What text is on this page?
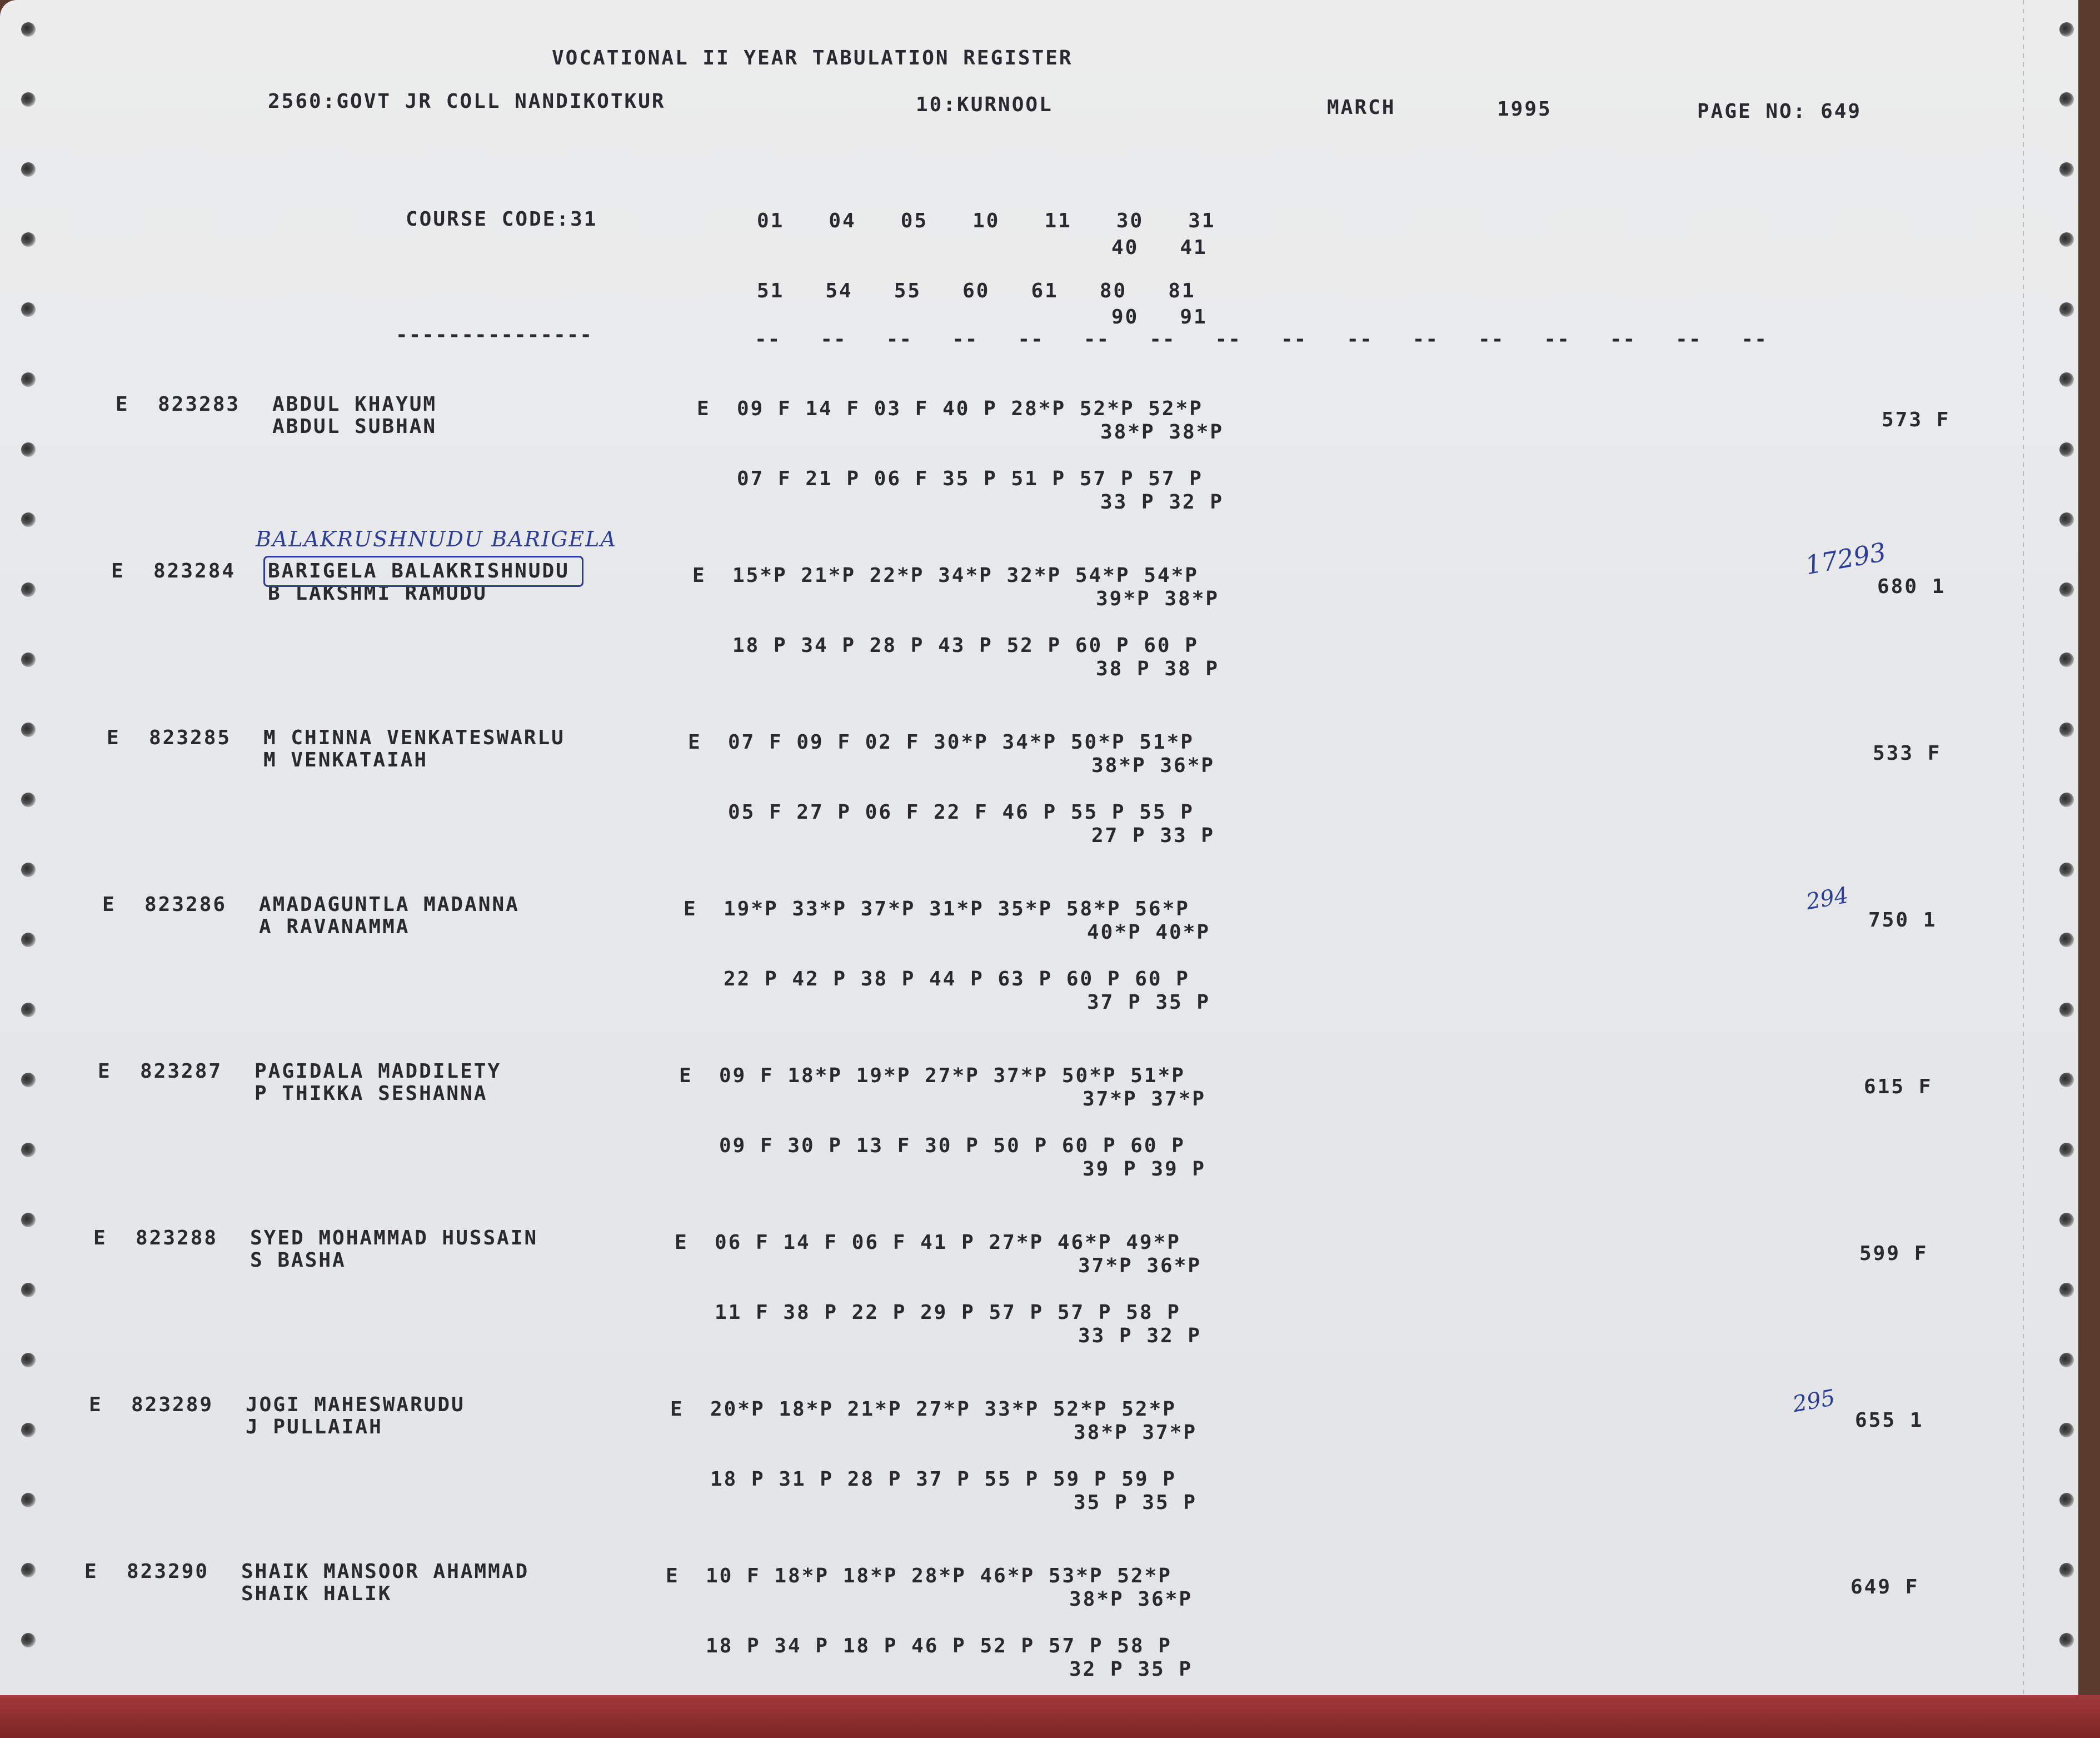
VOCATIONAL II YEAR TABULATION REGISTER
2560:GOVT JR COLL NANDIKOTKUR	10:KURNOOL	MARCH	1995	PAGE NO: 649
COURSE CODE:31	01   04   05   10   11   30   31
40   41
51   54   55   60   61   80   81
90   91
---------------	--   --   --   --   --   --   --   --   --   --   --   --   --   --   --   --
E 823283 ABDUL KHAYUM
ABDUL SUBHAN
E 09 F 14 F 03 F 40 P 28*P 52*P 52*P
38*P 38*P
07 F 21 P 06 F 35 P 51 P 57 P 57 P
33 P 32 P
573 F
E 823284 BARIGELA BALAKRISHNUDU
B LAKSHMI RAMUDU
E 15*P 21*P 22*P 34*P 32*P 54*P 54*P
39*P 38*P
18 P 34 P 28 P 43 P 52 P 60 P 60 P
38 P 38 P
680 1
E 823285 M CHINNA VENKATESWARLU
M VENKATAIAH
E 07 F 09 F 02 F 30*P 34*P 50*P 51*P
38*P 36*P
05 F 27 P 06 F 22 F 46 P 55 P 55 P
27 P 33 P
533 F
E 823286 AMADAGUNTLA MADANNA
A RAVANAMMA
E 19*P 33*P 37*P 31*P 35*P 58*P 56*P
40*P 40*P
22 P 42 P 38 P 44 P 63 P 60 P 60 P
37 P 35 P
750 1
E 823287 PAGIDALA MADDILETY
P THIKKA SESHANNA
E 09 F 18*P 19*P 27*P 37*P 50*P 51*P
37*P 37*P
09 F 30 P 13 F 30 P 50 P 60 P 60 P
39 P 39 P
615 F
E 823288 SYED MOHAMMAD HUSSAIN
S BASHA
E 06 F 14 F 06 F 41 P 27*P 46*P 49*P
37*P 36*P
11 F 38 P 22 P 29 P 57 P 57 P 58 P
33 P 32 P
599 F
E 823289 JOGI MAHESWARUDU
J PULLAIAH
E 20*P 18*P 21*P 27*P 33*P 52*P 52*P
38*P 37*P
18 P 31 P 28 P 37 P 55 P 59 P 59 P
35 P 35 P
655 1
E 823290 SHAIK MANSOOR AHAMMAD
SHAIK HALIK
E 10 F 18*P 18*P 28*P 46*P 53*P 52*P
38*P 36*P
18 P 34 P 18 P 46 P 52 P 57 P 58 P
32 P 35 P
649 F
BALAKRUSHNUDU BARIGELA	17293
294
295
